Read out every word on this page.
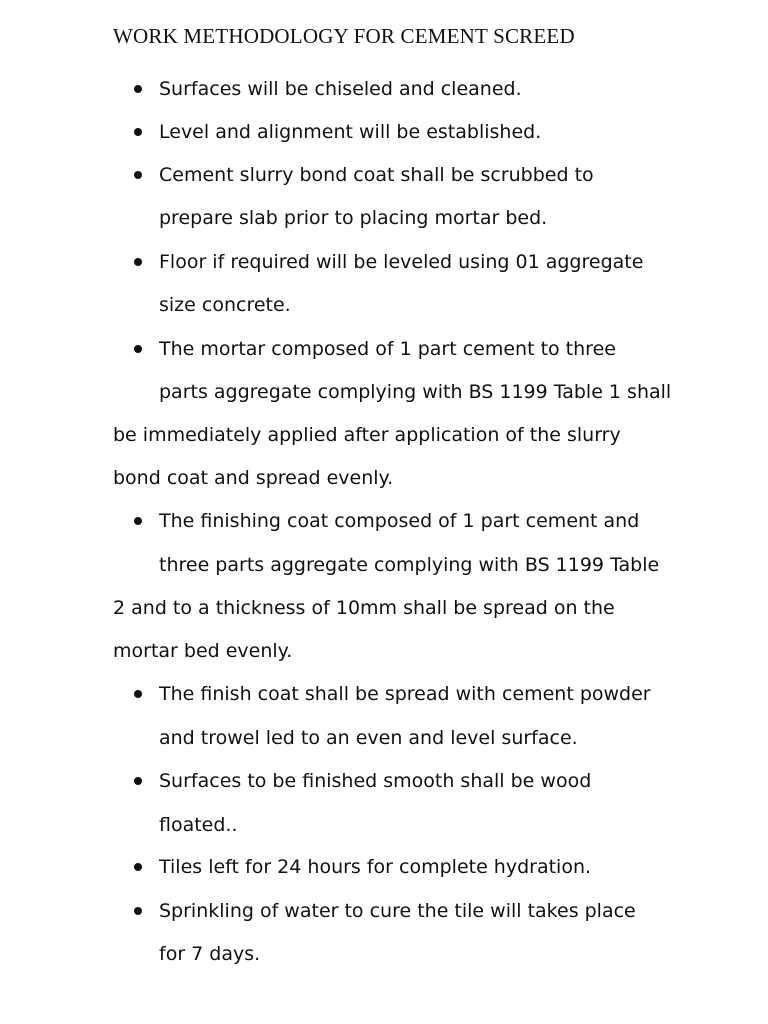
WORK METHODOLOGY FOR CEMENT SCREED
Surfaces will be chiseled and cleaned.
Level and alignment will be established.
Cement slurry bond coat shall be scrubbed to
prepare slab prior to placing mortar bed.
Floor if required will be leveled using 01 aggregate
size concrete.
The mortar composed of 1 part cement to three
parts aggregate complying with BS 1199 Table 1 shall
be immediately applied after application of the slurry
bond coat and spread evenly.
The finishing coat composed of 1 part cement and
three parts aggregate complying with BS 1199 Table
2 and to a thickness of 10mm shall be spread on the
mortar bed evenly.
The finish coat shall be spread with cement powder
and trowel led to an even and level surface.
Surfaces to be finished smooth shall be wood
floated..
Tiles left for 24 hours for complete hydration.
Sprinkling of water to cure the tile will takes place
for 7 days.
